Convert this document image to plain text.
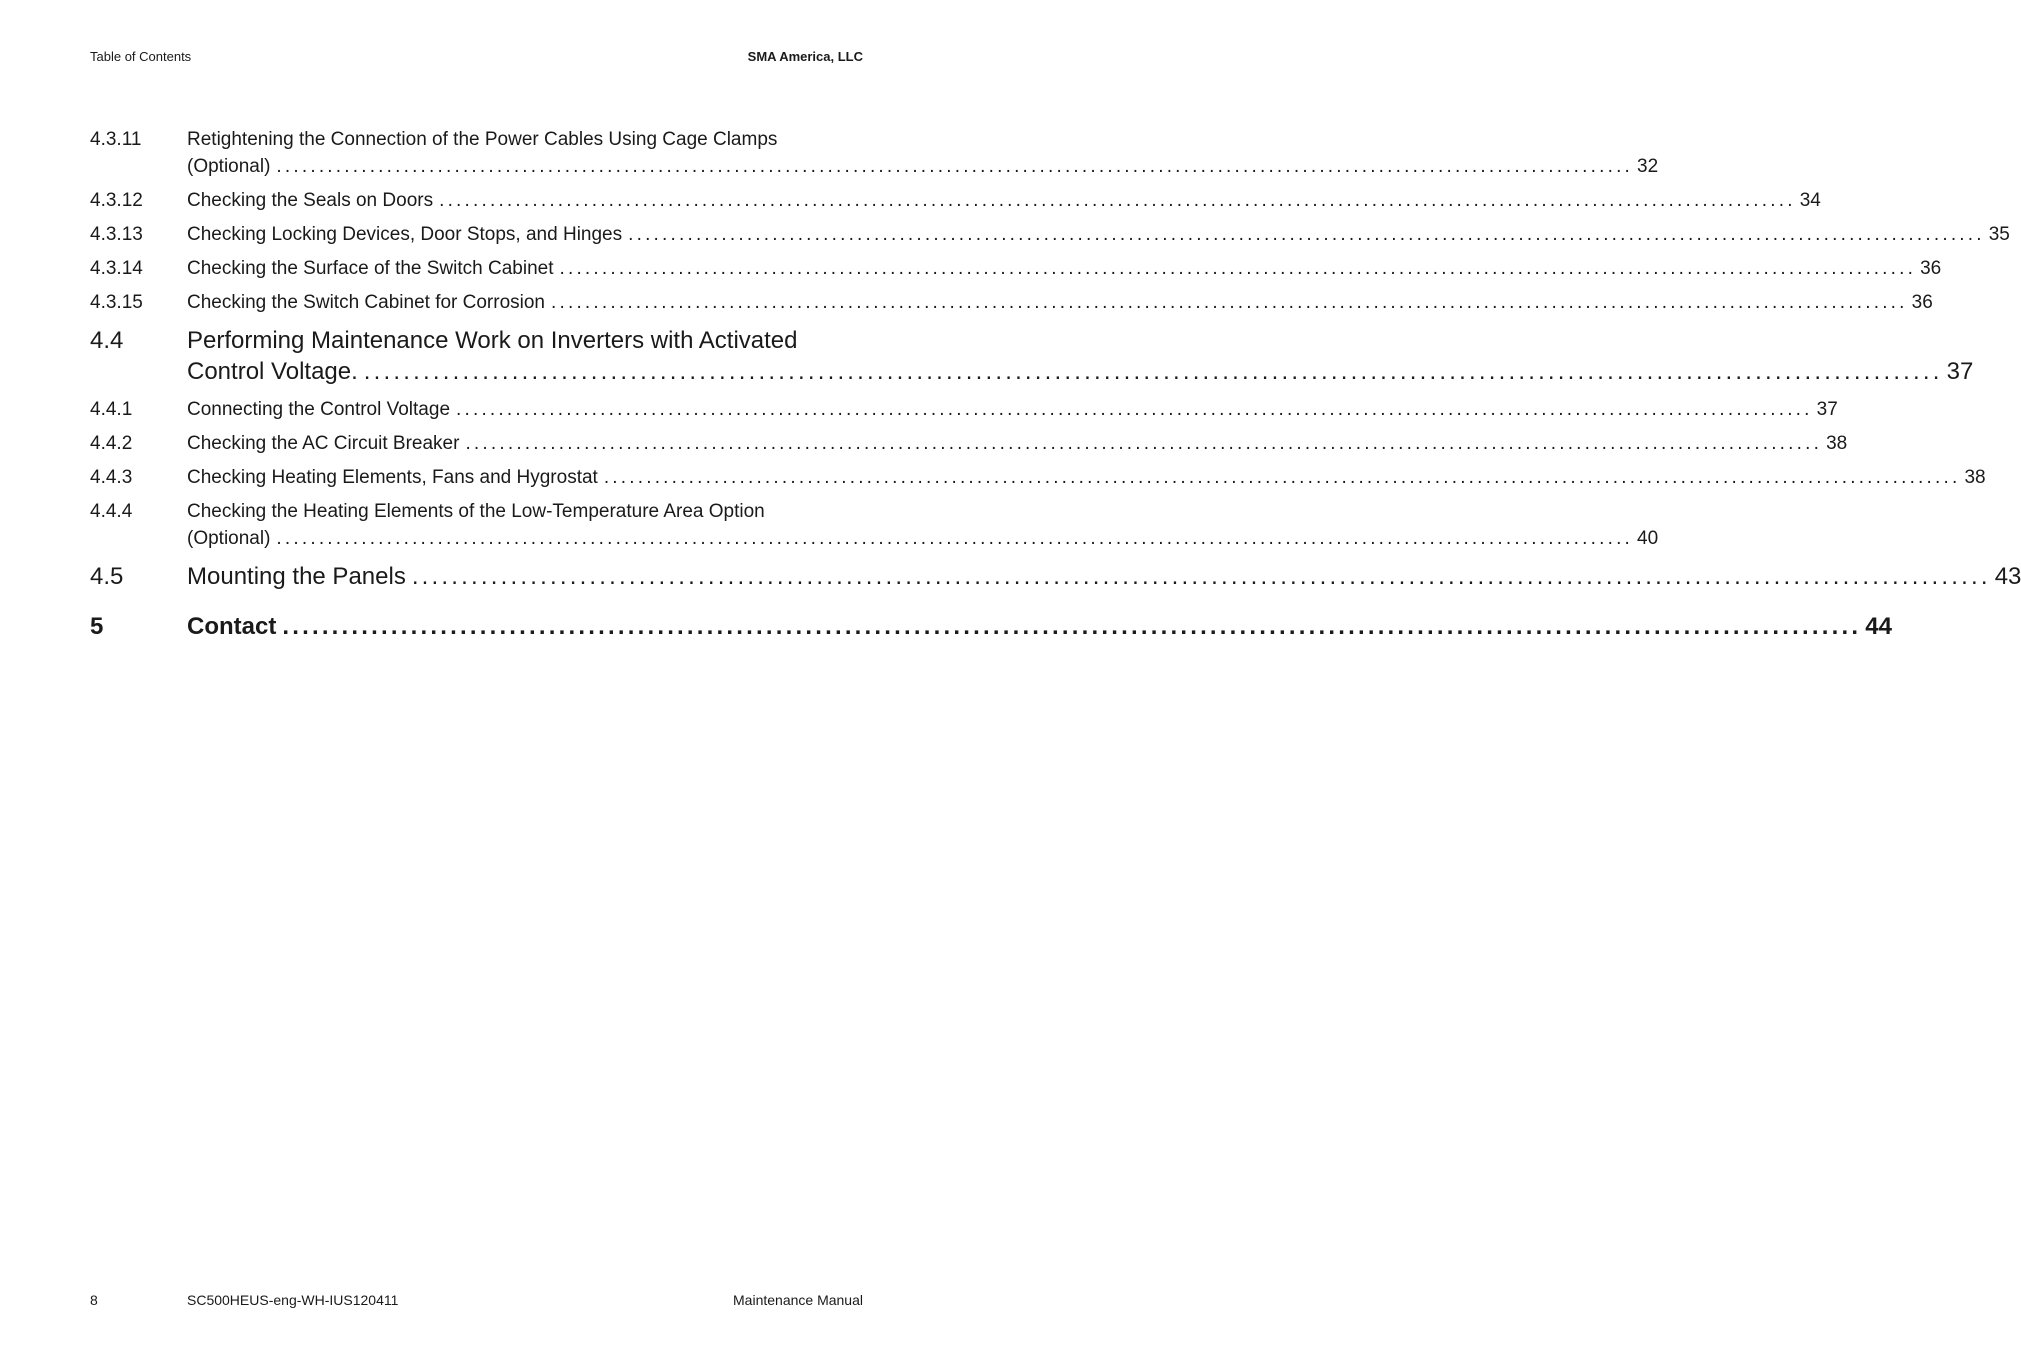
Table of Contents	SMA America, LLC
4.3.11 Retightening the Connection of the Power Cables Using Cage Clamps
(Optional) ................................................................................................................................................................ 32
4.3.12 Checking the Seals on Doors ................................................................................................................................................................ 34
4.3.13 Checking Locking Devices, Door Stops, and Hinges ................................................................................................................................................................ 35
4.3.14 Checking the Surface of the Switch Cabinet ................................................................................................................................................................ 36
4.3.15 Checking the Switch Cabinet for Corrosion ................................................................................................................................................................ 36
4.4	Performing Maintenance Work on Inverters with Activated
Control Voltage. ................................................................................................................................................................ 37
4.4.1	Connecting the Control Voltage ................................................................................................................................................................ 37
4.4.2	Checking the AC Circuit Breaker ................................................................................................................................................................ 38
4.4.3	Checking Heating Elements, Fans and Hygrostat ................................................................................................................................................................ 38
4.4.4	Checking the Heating Elements of the Low-Temperature Area Option
(Optional) ................................................................................................................................................................ 40
4.5	Mounting the Panels ................................................................................................................................................................ 43
5	Contact ................................................................................................................................................................ 44
8	SC500HEUS-eng-WH-IUS120411	Maintenance Manual
